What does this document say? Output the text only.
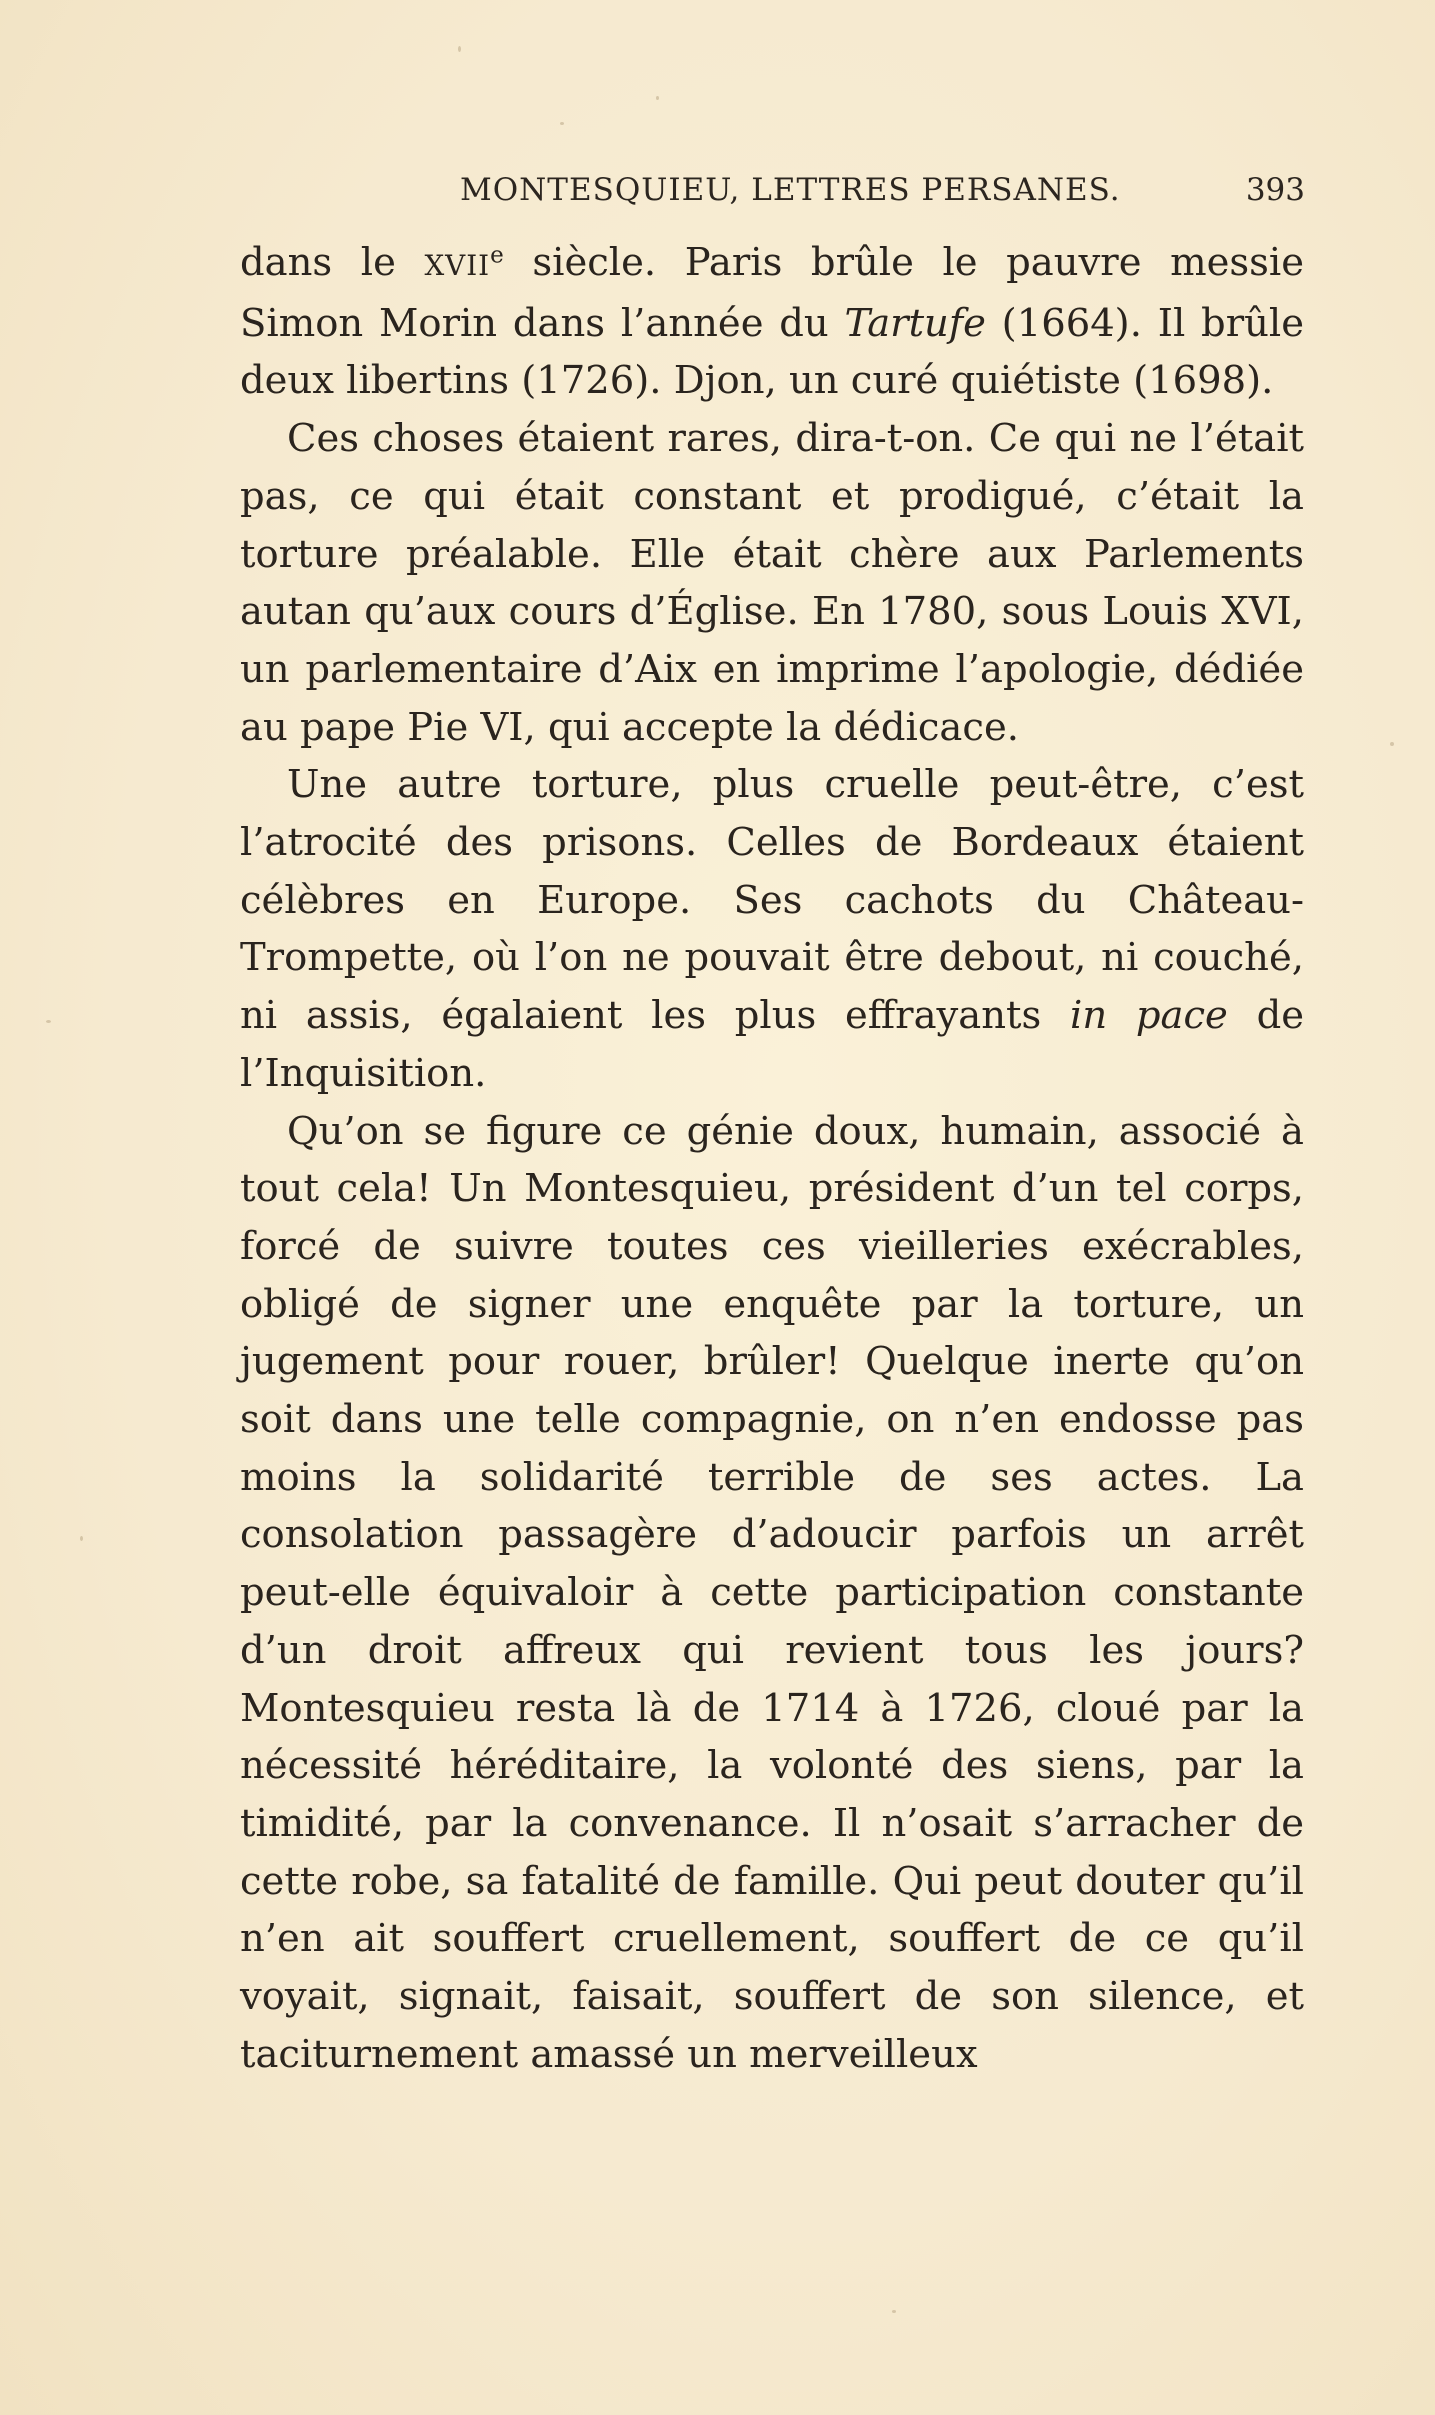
MONTESQUIEU, LETTRES PERSANES.	393

dans le XVIIe siècle. Paris brûle le pauvre messie Simon Morin dans l’année du Tartufe (1664). Il brûle deux libertins (1726). Djon, un curé quiétiste (1698).

Ces choses étaient rares, dira-t-on. Ce qui ne l’était pas, ce qui était constant et prodigué, c’était la torture préalable. Elle était chère aux Parlements autan qu’aux cours d’Église. En 1780, sous Louis XVI, un parlementaire d’Aix en imprime l’apologie, dédiée au pape Pie VI, qui accepte la dédicace.

Une autre torture, plus cruelle peut-être, c’est l’atrocité des prisons. Celles de Bordeaux étaient célèbres en Europe. Ses cachots du Château-Trompette, où l’on ne pouvait être debout, ni couché, ni assis, égalaient les plus effrayants in pace de l’Inquisition.

Qu’on se figure ce génie doux, humain, associé à tout cela! Un Montesquieu, président d’un tel corps, forcé de suivre toutes ces vieilleries exécrables, obligé de signer une enquête par la torture, un jugement pour rouer, brûler! Quelque inerte qu’on soit dans une telle compagnie, on n’en endosse pas moins la solidarité terrible de ses actes. La consolation passagère d’adoucir parfois un arrêt peut-elle équivaloir à cette participation constante d’un droit affreux qui revient tous les jours? Montesquieu resta là de 1714 à 1726, cloué par la nécessité héréditaire, la volonté des siens, par la timidité, par la convenance. Il n’osait s’arracher de cette robe, sa fatalité de famille. Qui peut douter qu’il n’en ait souffert cruellement, souffert de ce qu’il voyait, signait, faisait, souffert de son silence, et taciturnement amassé un merveilleux
